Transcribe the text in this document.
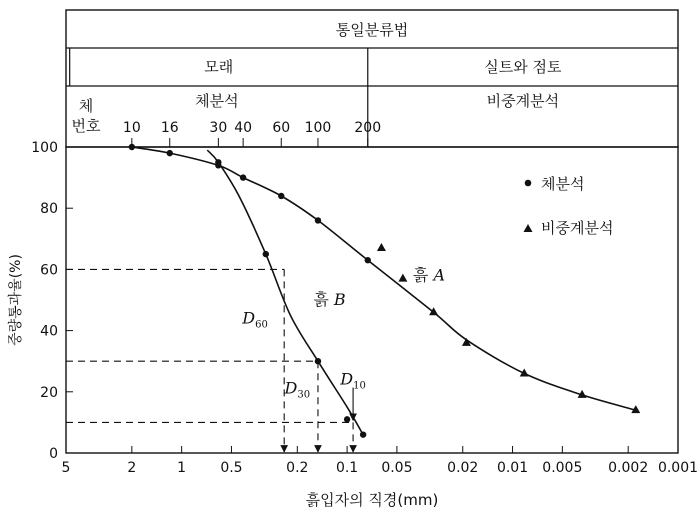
통일분류법
모래	실트와 점토
체분석	비중계분석
체 번호 10 16 30 40 60 100 200
5	2	1 0.5	0.2 0.1 0.05 0.02 0.01 0.005 0.002 0.001
0
20
40
60
80
100
흙입자의 직경(mm)
중량통과율(%)	흙 A
흙 B
$D_{60}$
$D_{30}$
$D_{10}$
체분석
비중계분석
